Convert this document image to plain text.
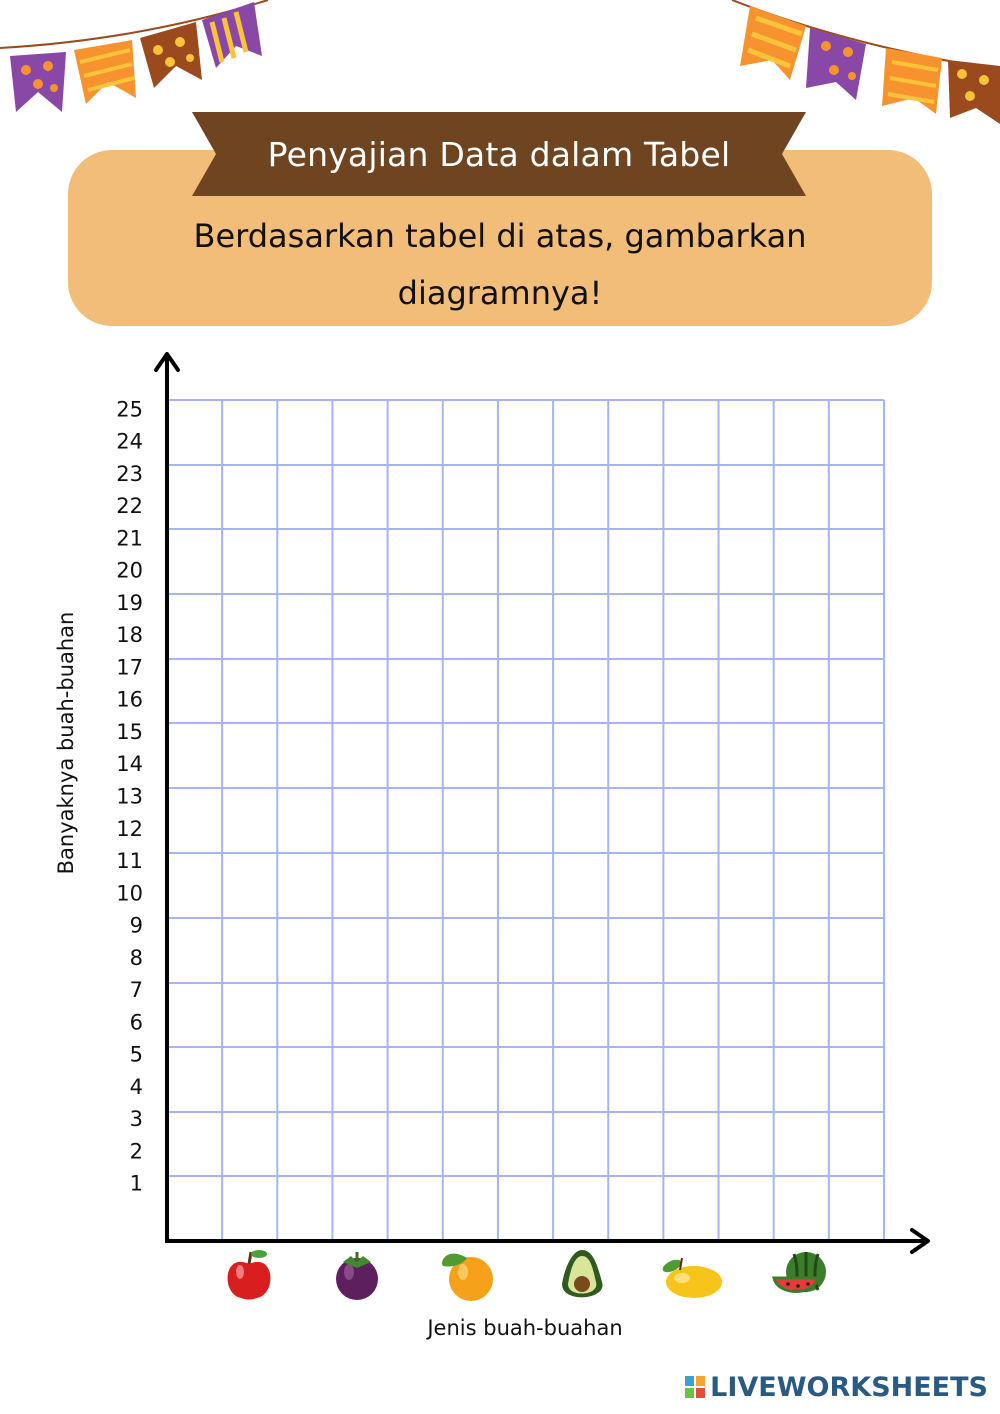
Penyajian Data dalam Tabel
Berdasarkan tabel di atas, gambarkan diagramnya!
1
2
3
4
5
6
7
8
9
10
11
12
13
14
15
16
17
18
19
20
21
22
23
24
25
Banyaknya buah-buahan
Jenis buah-buahan
LIVEWORKSHEETS
